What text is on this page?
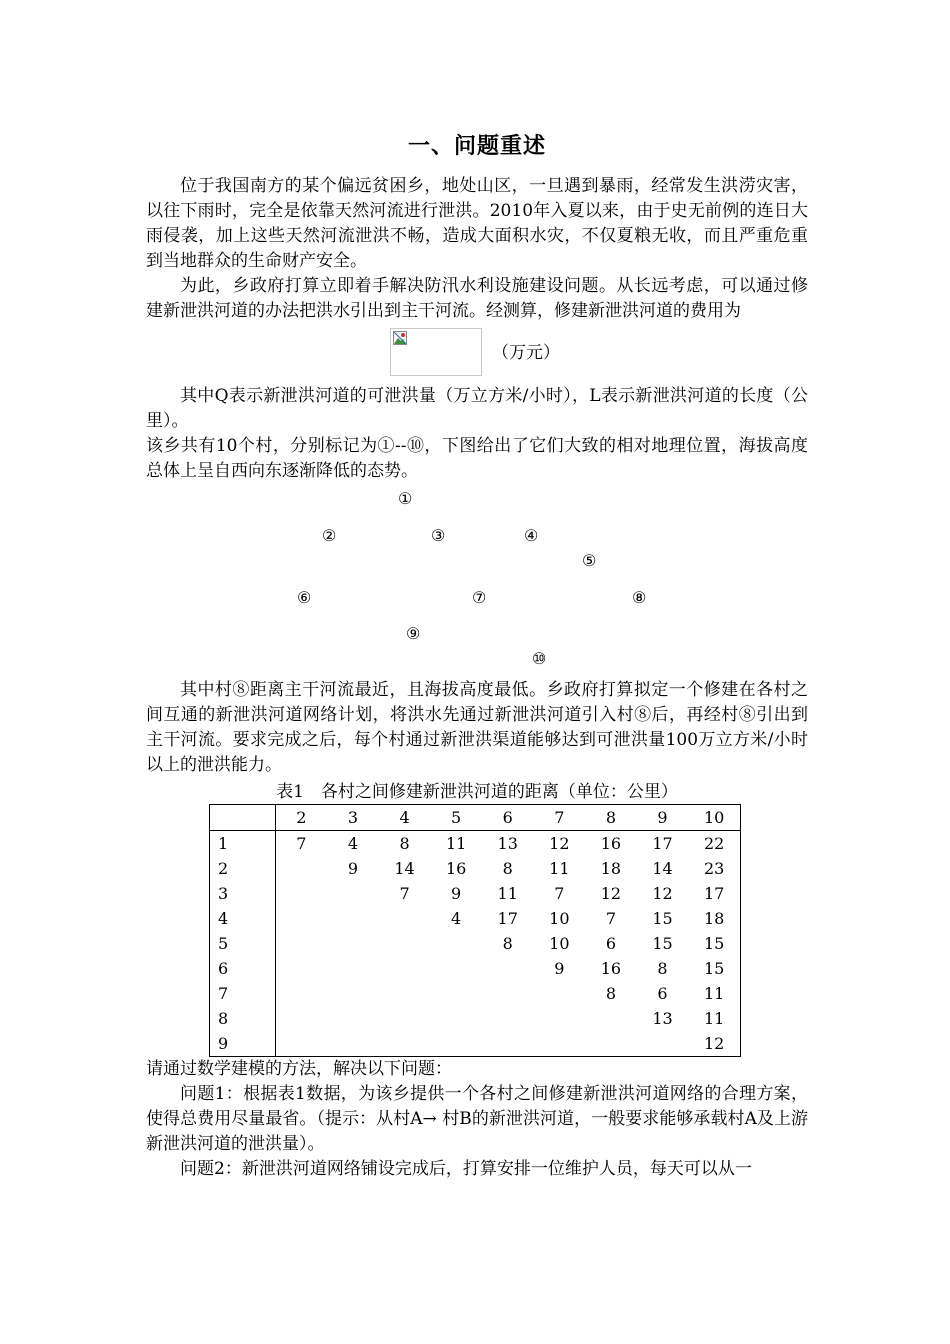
一、问题重述

位于我国南方的某个偏远贫困乡，地处山区，一旦遇到暴雨，经常发生洪涝灾害，以往下雨时，完全是依靠天然河流进行泄洪。2010年入夏以来，由于史无前例的连日大雨侵袭，加上这些天然河流泄洪不畅，造成大面积水灾，不仅夏粮无收，而且严重危重到当地群众的生命财产安全。

为此，乡政府打算立即着手解决防汛水利设施建设问题。从长远考虑，可以通过修建新泄洪河道的办法把洪水引出到主干河流。经测算，修建新泄洪河道的费用为

（万元）

其中Q表示新泄洪河道的可泄洪量（万立方米/小时），L表示新泄洪河道的长度（公里）。

该乡共有10个村，分别标记为①--⑩，下图给出了它们大致的相对地理位置，海拔高度总体上呈自西向东逐渐降低的态势。

①
②	③	④
⑤
⑥	⑦	⑧
⑨
⑩

其中村⑧距离主干河流最近，且海拔高度最低。乡政府打算拟定一个修建在各村之间互通的新泄洪河道网络计划，将洪水先通过新泄洪河道引入村⑧后，再经村⑧引出到主干河流。要求完成之后，每个村通过新泄洪渠道能够达到可泄洪量100万立方米/小时以上的泄洪能力。

表1　各村之间修建新泄洪河道的距离（单位：公里）
	2	3	4	5	6	7	8	9	10
1	7	4	8	11	13	12	16	17	22
2		9	14	16	8	11	18	14	23
3			7	9	11	7	12	12	17
4				4	17	10	7	15	18
5					8	10	6	15	15
6						9	16	8	15
7							8	6	11
8								13	11
9									12

请通过数学建模的方法，解决以下问题：

问题1：根据表1数据，为该乡提供一个各村之间修建新泄洪河道网络的合理方案，使得总费用尽量最省。（提示：从村A→ 村B的新泄洪河道，一般要求能够承载村A及上游新泄洪河道的泄洪量）。

问题2：新泄洪河道网络铺设完成后，打算安排一位维护人员，每天可以从一
